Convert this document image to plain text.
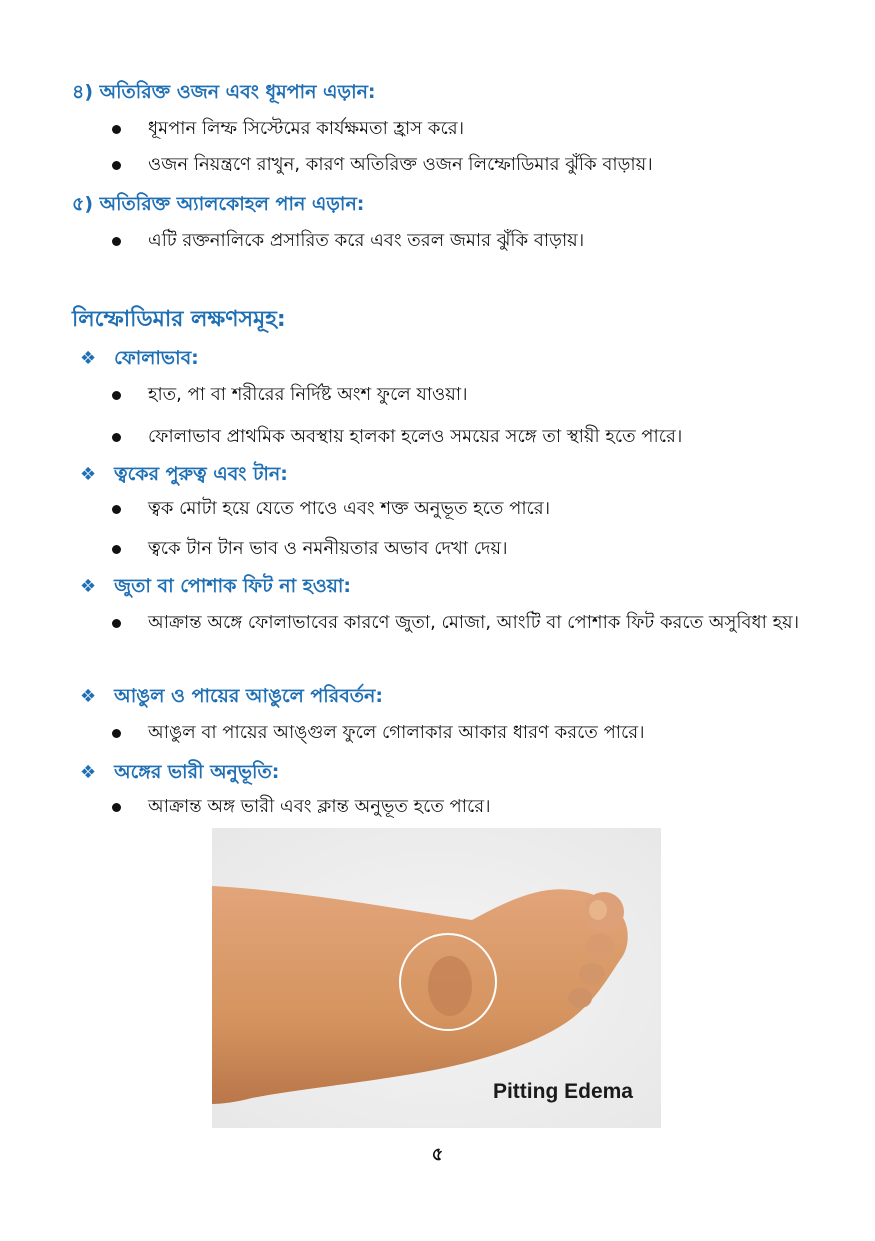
৪) অতিরিক্ত ওজন এবং ধূমপান এড়ান:
ধূমপান লিম্ফ সিস্টেমের কার্যক্ষমতা হ্রাস করে।
ওজন নিয়ন্ত্রণে রাখুন, কারণ অতিরিক্ত ওজন লিম্ফোডিমার ঝুঁকি বাড়ায়।
৫) অতিরিক্ত অ্যালকোহল পান এড়ান:
এটি রক্তনালিকে প্রসারিত করে এবং তরল জমার ঝুঁকি বাড়ায়।
লিম্ফোডিমার লক্ষণসমূহ:
❖ ফোলাভাব:
হাত, পা বা শরীরের নির্দিষ্ট অংশ ফুলে যাওয়া।
ফোলাভাব প্রাথমিক অবস্থায় হালকা হলেও সময়ের সঙ্গে তা স্থায়ী হতে পারে।
❖ ত্বকের পুরুত্ব এবং টান:
ত্বক মোটা হয়ে যেতে পাওে এবং শক্ত অনুভূত হতে পারে।
ত্বকে টান টান ভাব ও নমনীয়তার অভাব দেখা দেয়।
❖ জুতা বা পোশাক ফিট না হওয়া:
আক্রান্ত অঙ্গে ফোলাভাবের কারণে জুতা, মোজা, আংটি বা পোশাক ফিট করতে অসুবিধা হয়।
❖ আঙুল ও পায়ের আঙুলে পরিবর্তন:
আঙুল বা পায়ের আঙ্গুল ফুলে গোলাকার আকার ধারণ করতে পারে।
❖ অঙ্গের ভারী অনুভূতি:
আক্রান্ত অঙ্গ ভারী এবং ক্লান্ত অনুভূত হতে পারে।
Pitting Edema
৫
